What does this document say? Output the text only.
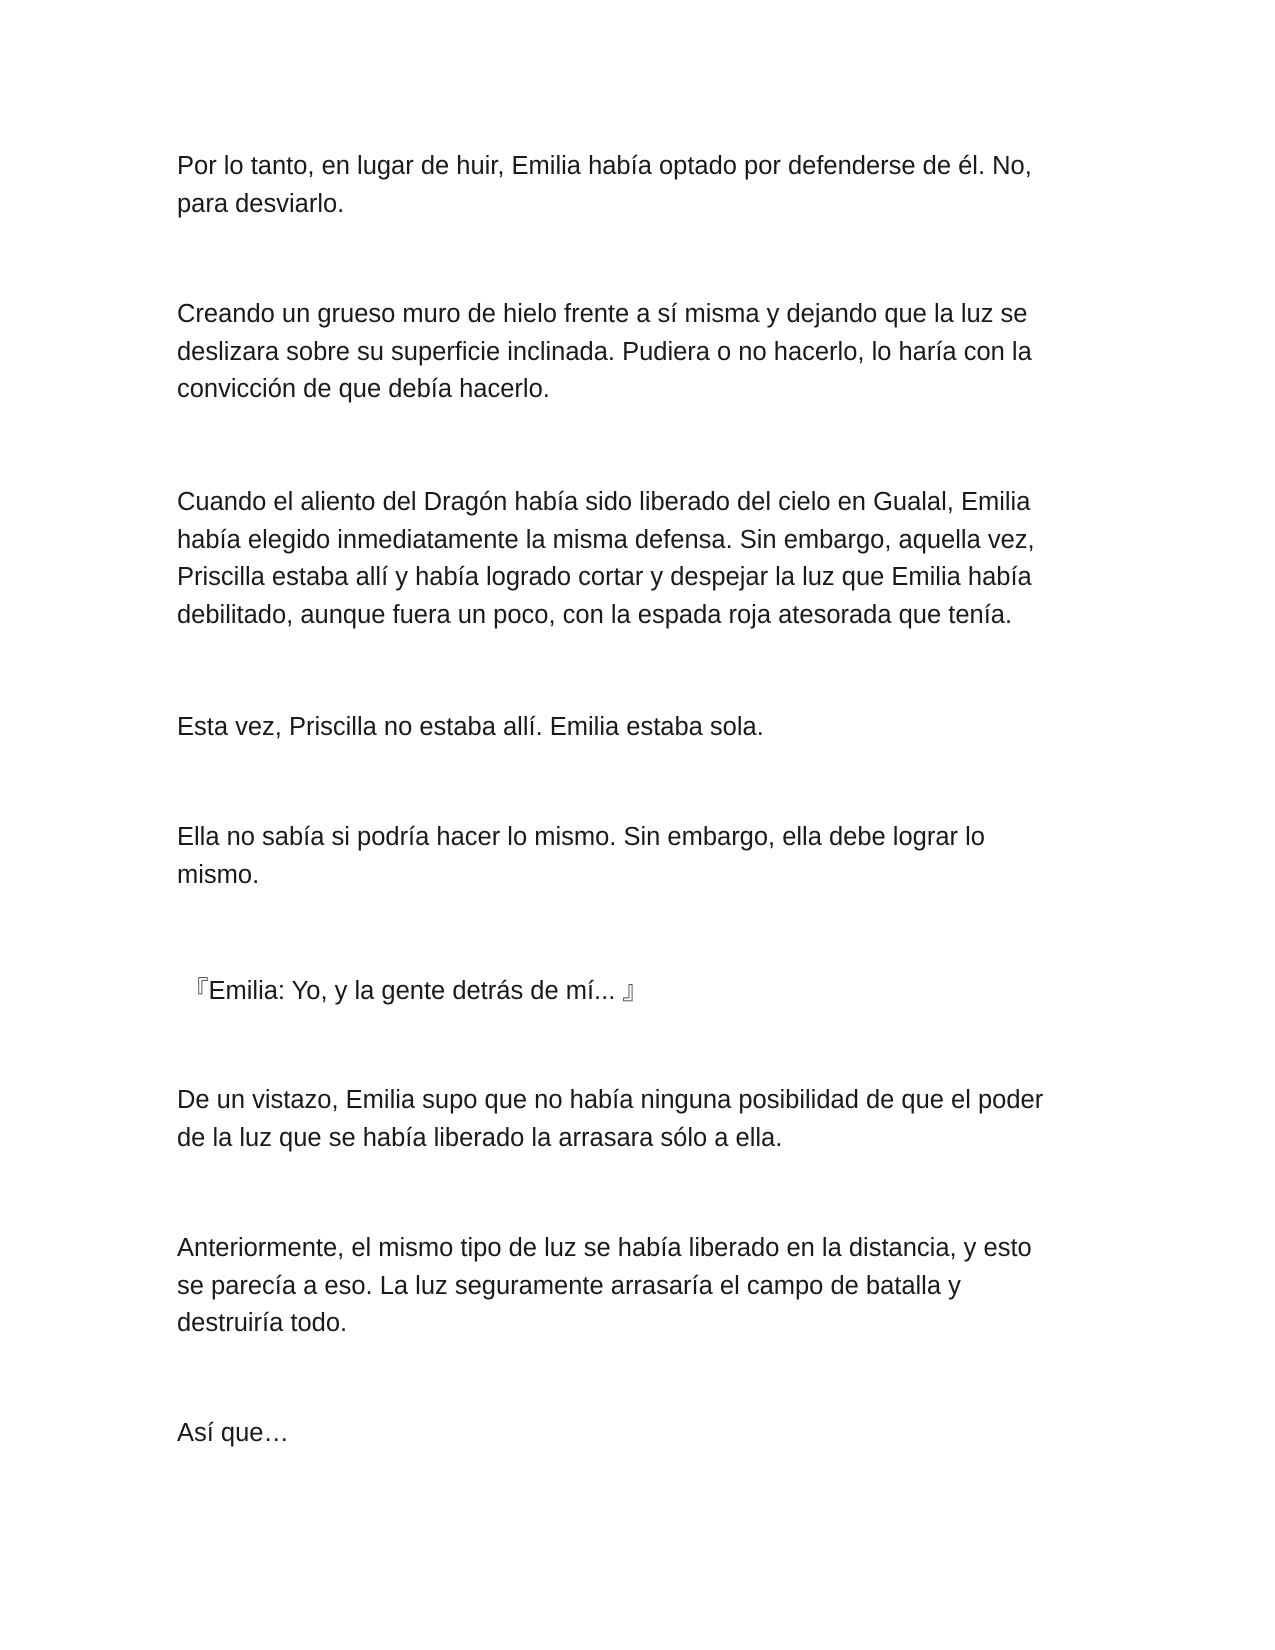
Por lo tanto, en lugar de huir, Emilia había optado por defenderse de él. No,
para desviarlo.

Creando un grueso muro de hielo frente a sí misma y dejando que la luz se
deslizara sobre su superficie inclinada. Pudiera o no hacerlo, lo haría con la
convicción de que debía hacerlo.

Cuando el aliento del Dragón había sido liberado del cielo en Gualal, Emilia
había elegido inmediatamente la misma defensa. Sin embargo, aquella vez,
Priscilla estaba allí y había logrado cortar y despejar la luz que Emilia había
debilitado, aunque fuera un poco, con la espada roja atesorada que tenía.

Esta vez, Priscilla no estaba allí. Emilia estaba sola.

Ella no sabía si podría hacer lo mismo. Sin embargo, ella debe lograr lo
mismo.

『Emilia: Yo, y la gente detrás de mí... 』

De un vistazo, Emilia supo que no había ninguna posibilidad de que el poder
de la luz que se había liberado la arrasara sólo a ella.

Anteriormente, el mismo tipo de luz se había liberado en la distancia, y esto
se parecía a eso. La luz seguramente arrasaría el campo de batalla y
destruiría todo.

Así que…
